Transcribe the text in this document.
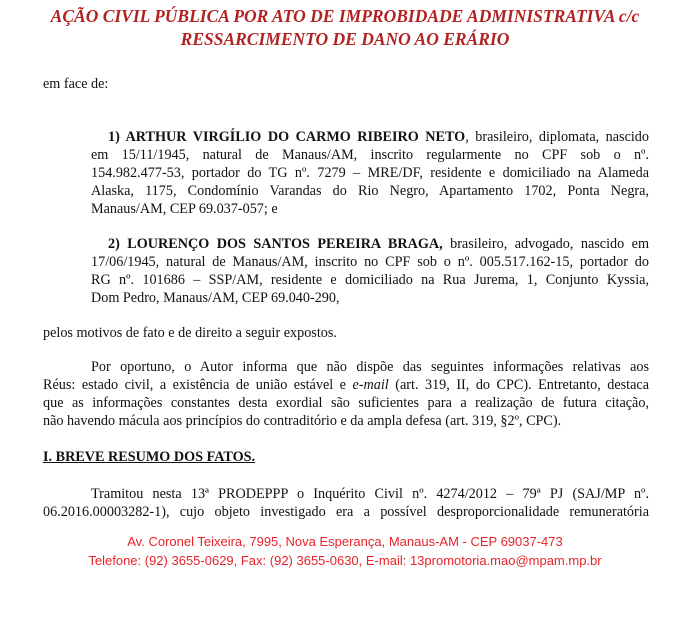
AÇÃO CIVIL PÚBLICA POR ATO DE IMPROBIDADE ADMINISTRATIVA c/c
RESSARCIMENTO DE DANO AO ERÁRIO
em face de:
1) ARTHUR VIRGÍLIO DO CARMO RIBEIRO NETO, brasileiro, diplomata, nascido
em 15/11/1945, natural de Manaus/AM, inscrito regularmente no CPF sob o nº.
154.982.477-53, portador do TG nº. 7279 ‒ MRE/DF, residente e domiciliado na Alameda
Alaska, 1175, Condomínio Varandas do Rio Negro, Apartamento 1702, Ponta Negra,
Manaus/AM, CEP 69.037-057; e
2) LOURENÇO DOS SANTOS PEREIRA BRAGA, brasileiro, advogado, nascido em
17/06/1945, natural de Manaus/AM, inscrito no CPF sob o nº. 005.517.162-15, portador do
RG nº. 101686 ‒ SSP/AM, residente e domiciliado na Rua Jurema, 1, Conjunto Kyssia,
Dom Pedro, Manaus/AM, CEP 69.040-290,
pelos motivos de fato e de direito a seguir expostos.
Por oportuno, o Autor informa que não dispõe das seguintes informações relativas aos
Réus: estado civil, a existência de união estável e e-mail (art. 319, II, do CPC). Entretanto, destaca
que as informações constantes desta exordial são suficientes para a realização de futura citação,
não havendo mácula aos princípios do contraditório e da ampla defesa (art. 319, §2º, CPC).
I. BREVE RESUMO DOS FATOS.
Tramitou nesta 13ª PRODEPPP o Inquérito Civil nº. 4274/2012 ‒ 79ª PJ (SAJ/MP nº.
06.2016.00003282-1), cujo objeto investigado era a possível desproporcionalidade remuneratória
Av. Coronel Teixeira, 7995, Nova Esperança, Manaus-AM - CEP 69037-473
Telefone: (92) 3655-0629, Fax: (92) 3655-0630, E-mail: 13promotoria.mao@mpam.mp.br
